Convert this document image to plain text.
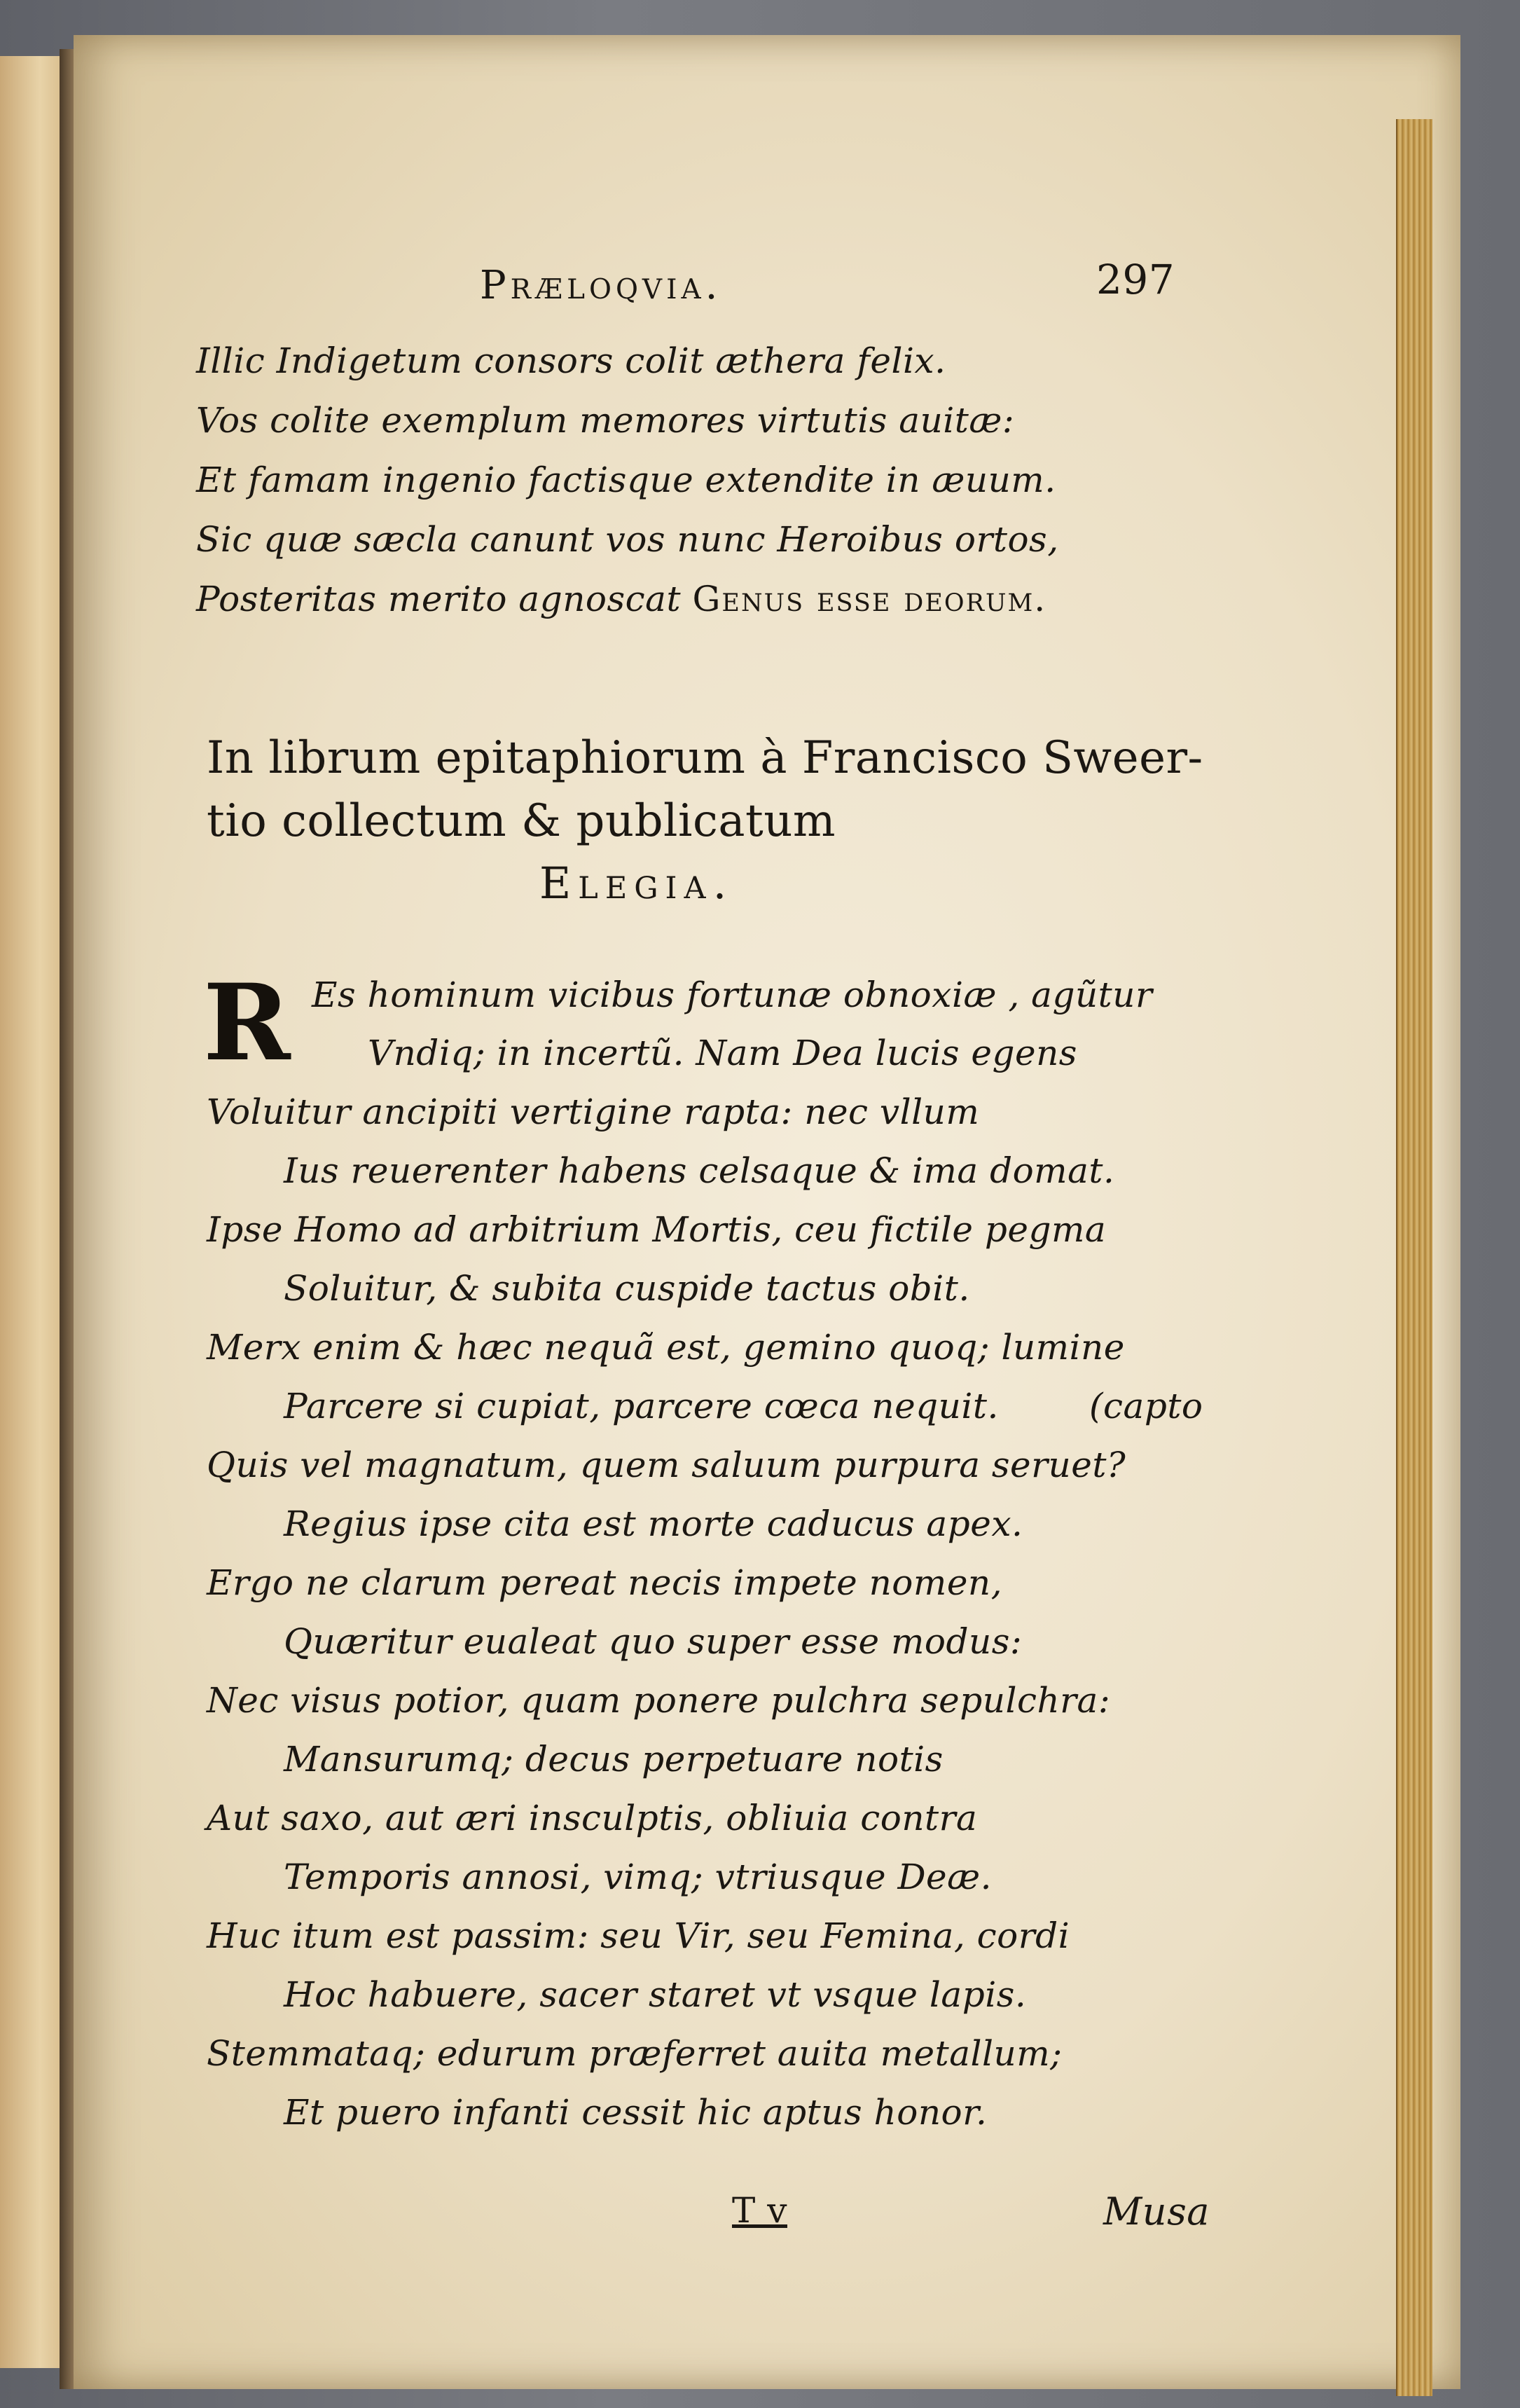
Præloqvia.	297
Illic Indigetum consors colit æthera felix.
Vos colite exemplum memores virtutis auitæ:
Et famam ingenio factisque extendite in æuum.
Sic quæ sæcla canunt vos nunc Heroibus ortos,
Posteritas merito agnoscat Genus esse deorum.
In librum epitaphiorum à Francisco Sweer-
tio collectum & publicatum
Elegia.
R Es hominum vicibus fortunæ obnoxiæ , agũtur
Vndiq; in incertũ. Nam Dea lucis egens
Voluitur ancipiti vertigine rapta: nec vllum
Ius reuerenter habens celsaque & ima domat.
Ipse Homo ad arbitrium Mortis, ceu fictile pegma
Soluitur, & subita cuspide tactus obit.
Merx enim & hæc nequã est, gemino quoq; lumine
Parcere si cupiat, parcere cœca nequit.	(capto
Quis vel magnatum, quem saluum purpura seruet?
Regius ipse cita est morte caducus apex.
Ergo ne clarum pereat necis impete nomen,
Quæritur eualeat quo super esse modus:
Nec visus potior, quam ponere pulchra sepulchra:
Mansurumq; decus perpetuare notis
Aut saxo, aut æri insculptis, obliuia contra
Temporis annosi, vimq; vtriusque Deæ.
Huc itum est passim: seu Vir, seu Femina, cordi
Hoc habuere, sacer staret vt vsque lapis.
Stemmataq; edurum præferret auita metallum;
Et puero infanti cessit hic aptus honor.
T v	Musa
